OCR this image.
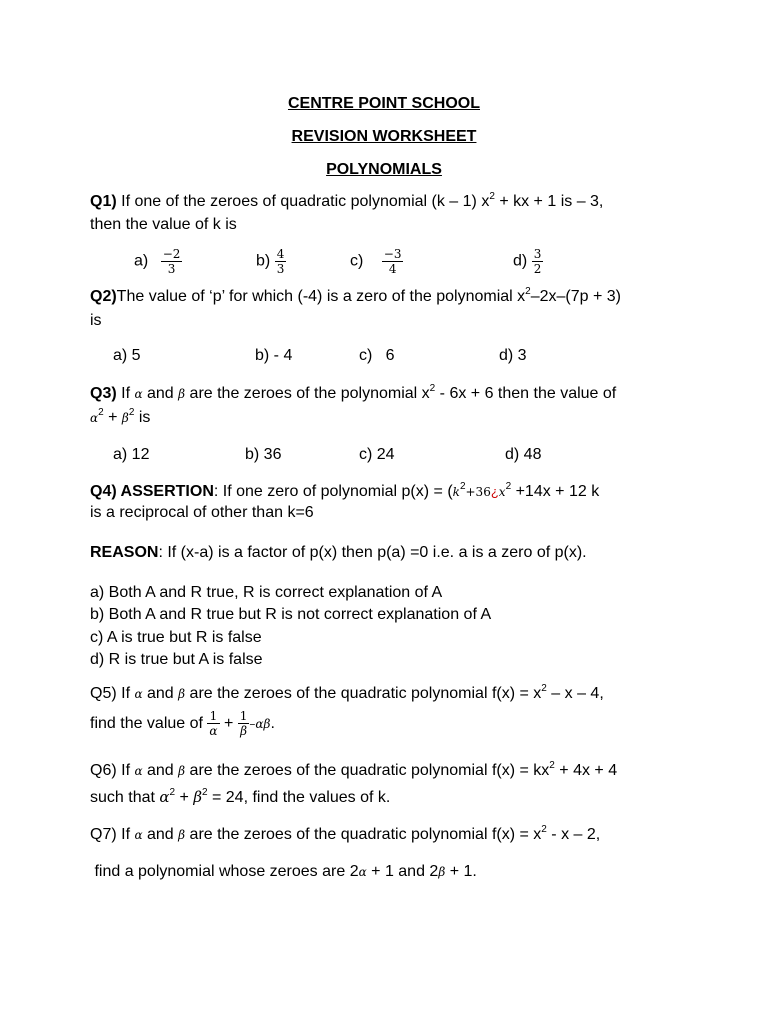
CENTRE POINT SCHOOL
REVISION WORKSHEET
POLYNOMIALS
Q1) If one of the zeroes of quadratic polynomial (k – 1) $x^2$ + kx + 1 is – 3,
then the value of k is
$a) \frac{-2}{3}$	$b) \frac{4}{3}$	$c) \frac{-3}{4}$	$d) \frac{3}{2}$
Q2)The value of ‘p’ for which (-4) is a zero of the polynomial $x^2-2x-(7p + 3)$
is
a) 5	b) - 4	c)   6	d) 3
Q3) If α and β are the zeroes of the polynomial $x^2 - 6x + 6$ then the value of
$\alpha^2 + \beta^2$ is
a) 12	b) 36	c) 24	d) 48
Q4) ASSERTION: If one zero of polynomial $p(x) = (k^2+36¿x^2 +14x + 12$ k
is a reciprocal of other than k=6
REASON: If (x-a) is a factor of p(x) then p(a) =0 i.e. a is a zero of p(x).
a) Both A and R true, R is correct explanation of A
b) Both A and R true but R is not correct explanation of A
c) A is true but R is false
d) R is true but A is false
Q5) If α and β are the zeroes of the quadratic polynomial $f(x) = x^2 - x - 4$,
find the value of $\frac{1}{\alpha} + \frac{1}{\beta} -\alpha\beta$.
Q6) If α and β are the zeroes of the quadratic polynomial $f(x) = kx^2 + 4x + 4$
such that $\alpha^2 + \beta^2 = 24$, find the values of k.
Q7) If α and β are the zeroes of the quadratic polynomial $f(x) = x^2 - x - 2$,
find a polynomial whose zeroes are 2α + 1 and 2β + 1.
